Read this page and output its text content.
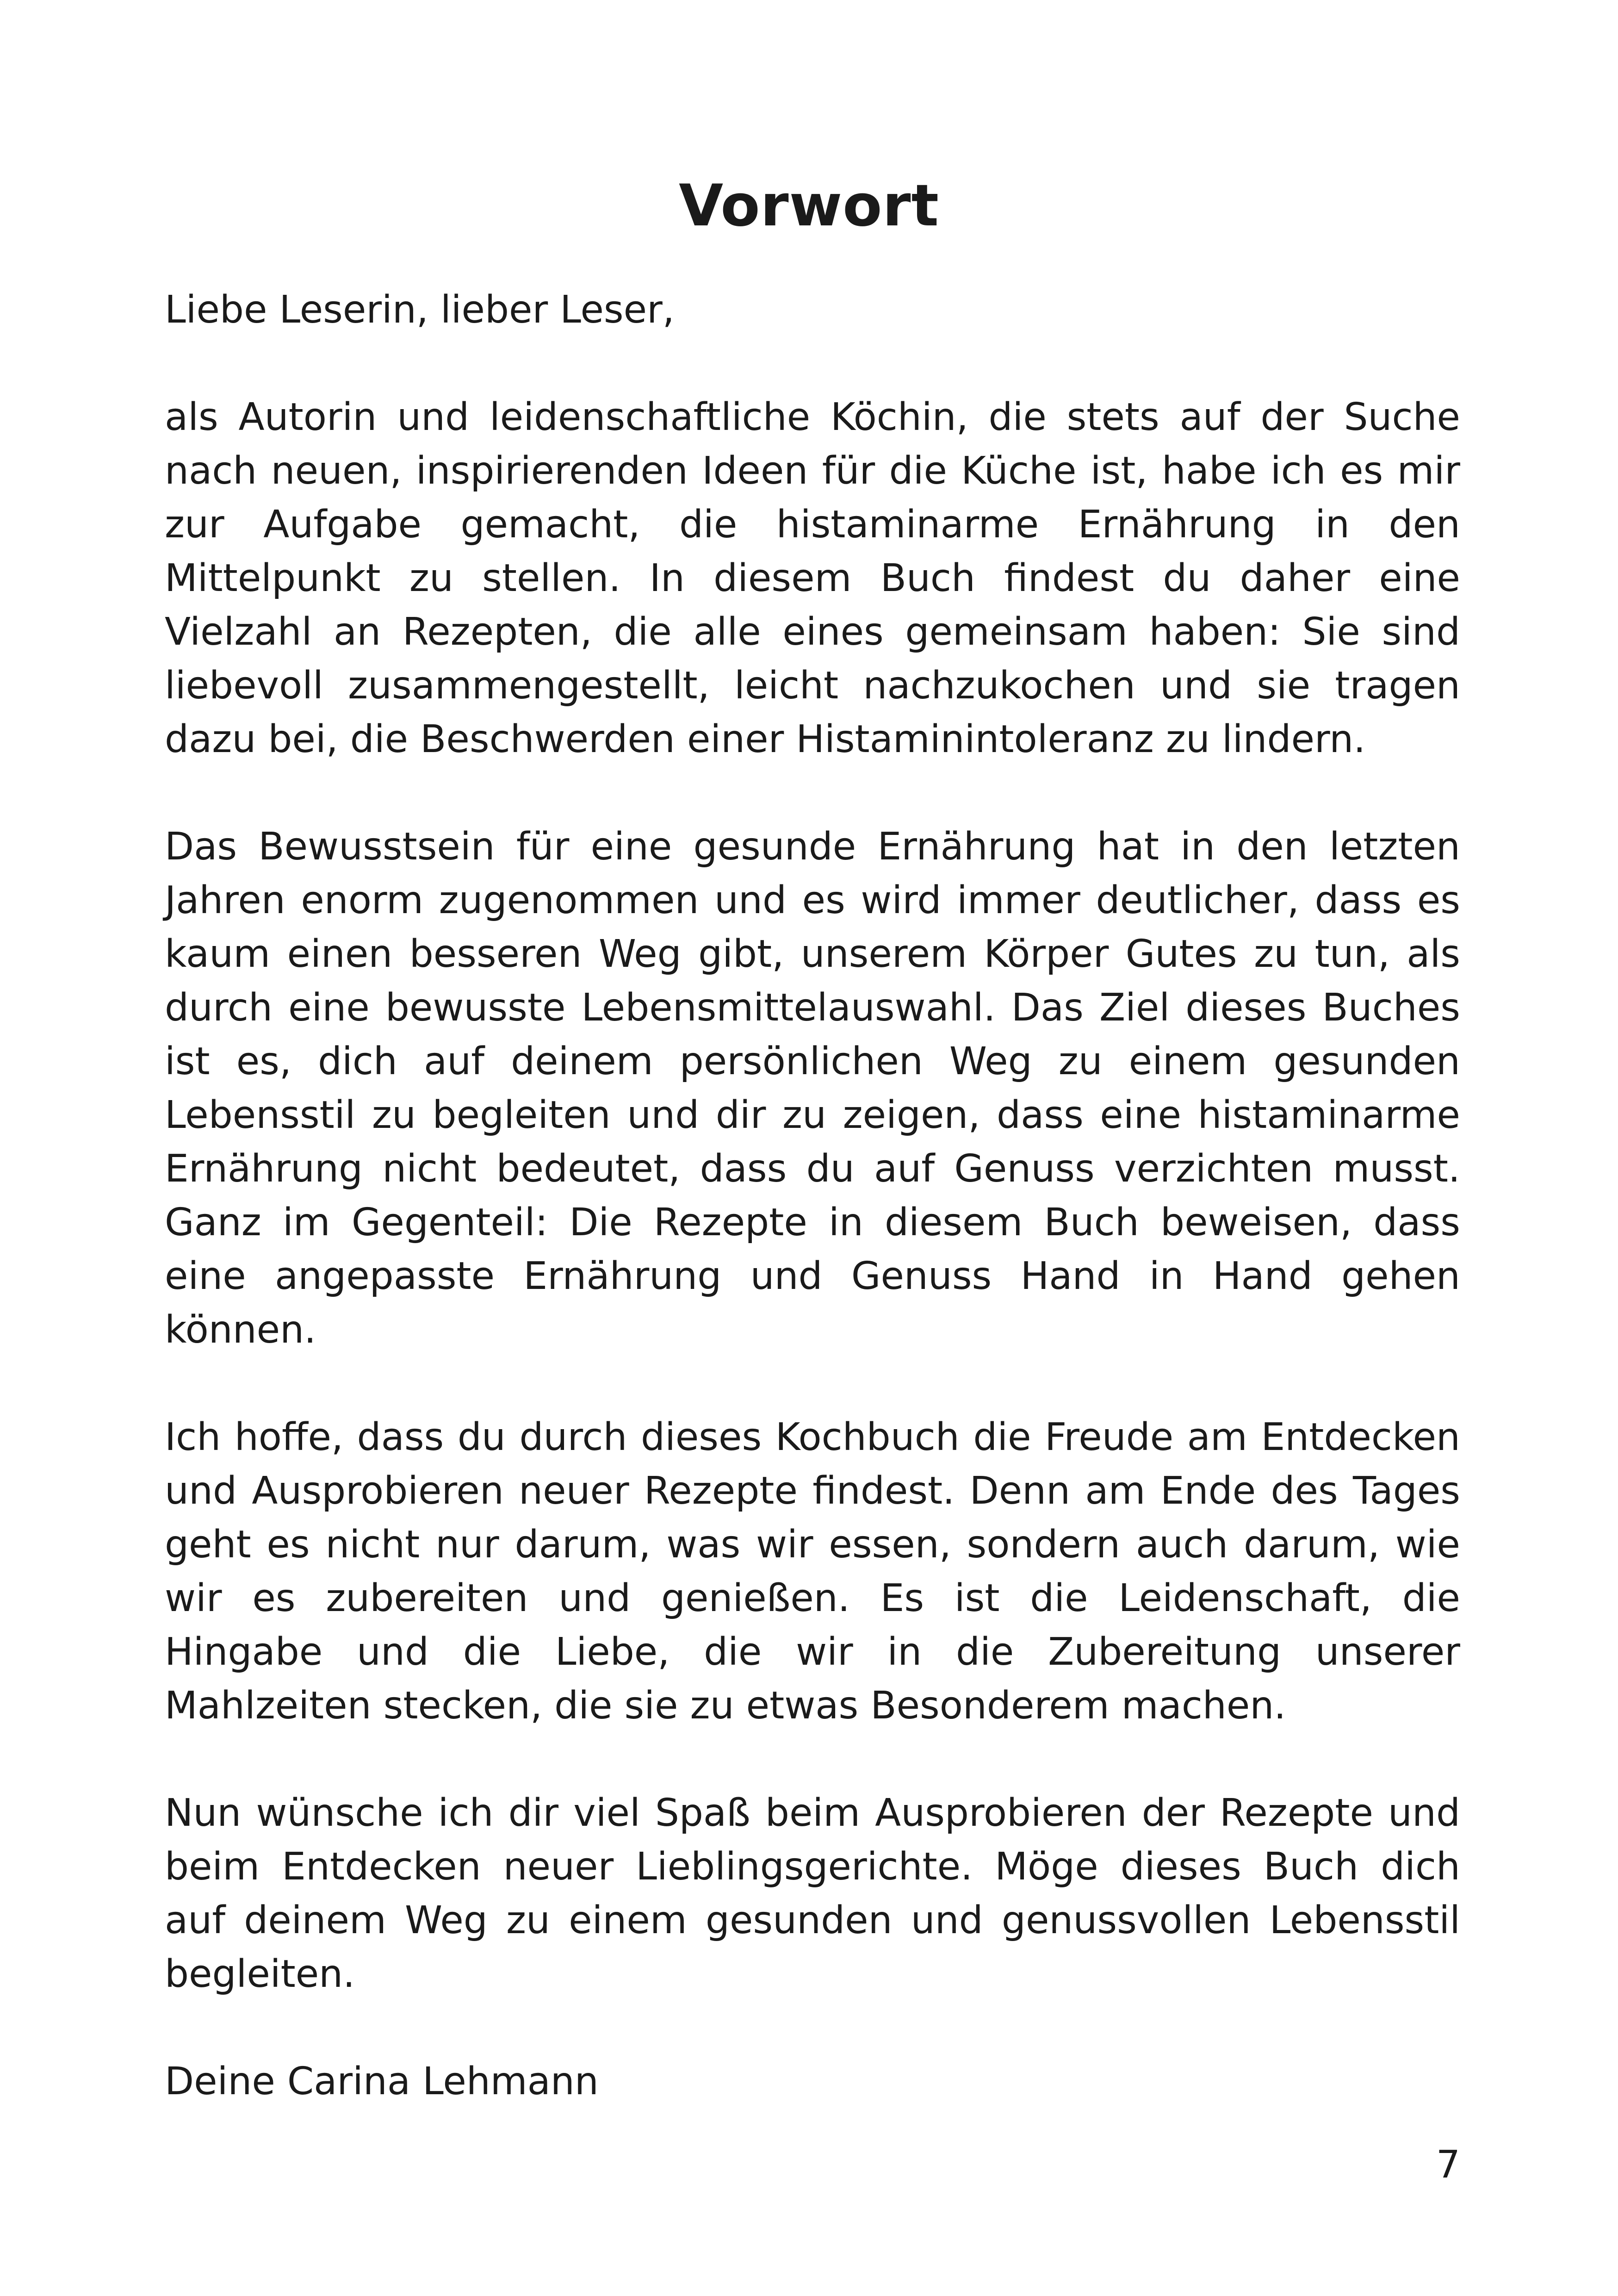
Vorwort

Liebe Leserin, lieber Leser,

als Autorin und leidenschaftliche Köchin, die stets auf der Suche nach neuen, inspirierenden Ideen für die Küche ist, habe ich es mir zur Aufgabe gemacht, die histaminarme Ernährung in den Mittelpunkt zu stellen. In diesem Buch findest du daher eine Vielzahl an Rezepten, die alle eines gemeinsam haben: Sie sind liebevoll zusammengestellt, leicht nachzukochen und sie tragen dazu bei, die Beschwerden einer Histaminintoleranz zu lindern.

Das Bewusstsein für eine gesunde Ernährung hat in den letzten Jahren enorm zugenommen und es wird immer deutlicher, dass es kaum einen besseren Weg gibt, unserem Körper Gutes zu tun, als durch eine bewusste Lebensmittelauswahl. Das Ziel dieses Buches ist es, dich auf deinem persönlichen Weg zu einem gesunden Lebensstil zu begleiten und dir zu zeigen, dass eine histaminarme Ernährung nicht bedeutet, dass du auf Genuss verzichten musst. Ganz im Gegenteil: Die Rezepte in diesem Buch beweisen, dass eine angepasste Ernährung und Genuss Hand in Hand gehen können.

Ich hoffe, dass du durch dieses Kochbuch die Freude am Entdecken und Ausprobieren neuer Rezepte findest. Denn am Ende des Tages geht es nicht nur darum, was wir essen, sondern auch darum, wie wir es zubereiten und genießen. Es ist die Leidenschaft, die Hingabe und die Liebe, die wir in die Zubereitung unserer Mahlzeiten stecken, die sie zu etwas Besonderem machen.

Nun wünsche ich dir viel Spaß beim Ausprobieren der Rezepte und beim Entdecken neuer Lieblingsgerichte. Möge dieses Buch dich auf deinem Weg zu einem gesunden und genussvollen Lebensstil begleiten.

Deine Carina Lehmann

7
